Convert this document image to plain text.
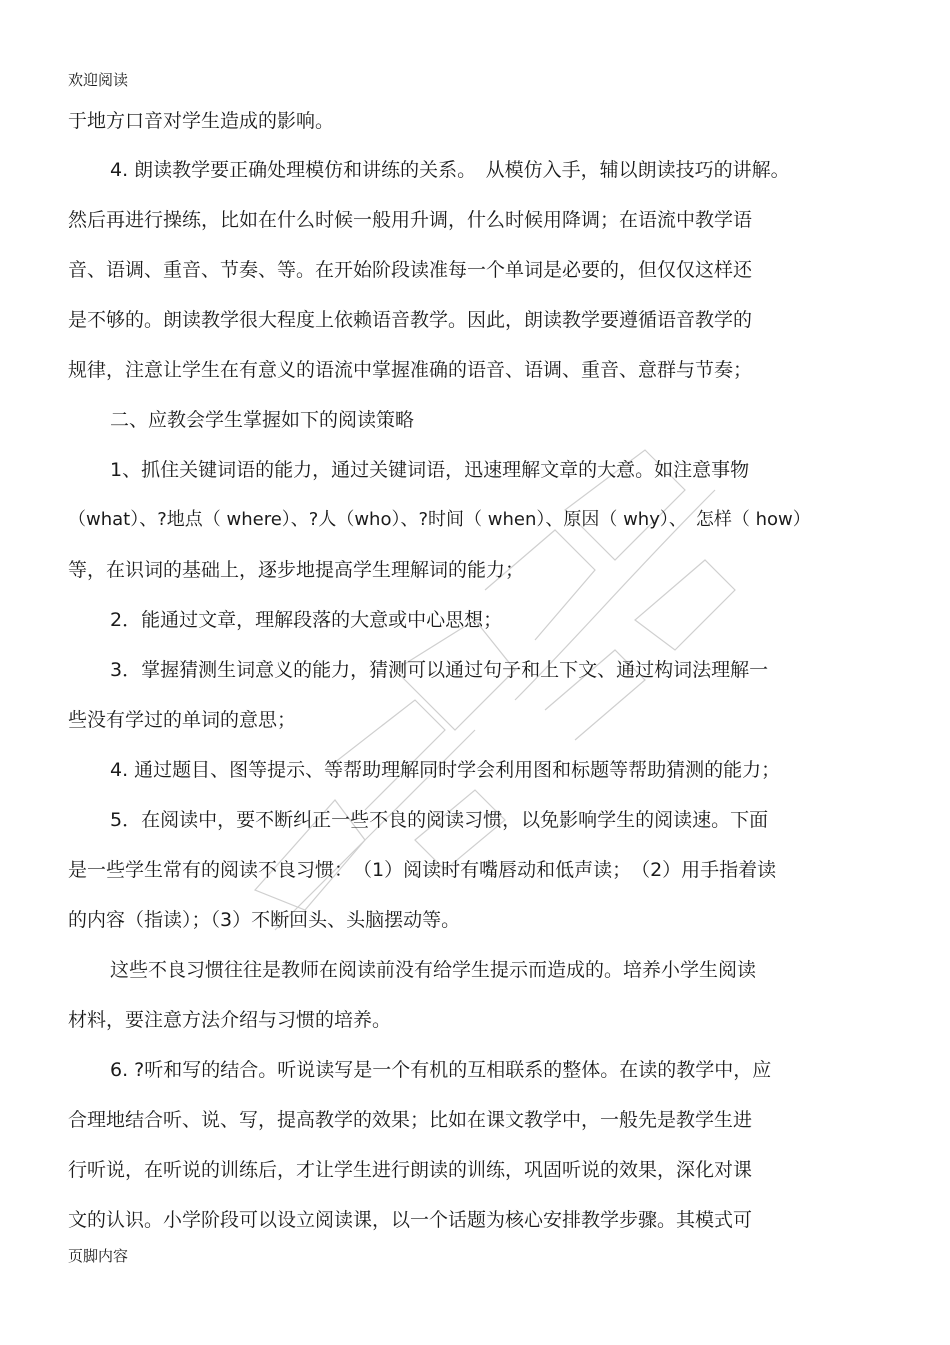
欢迎阅读
于地方口音对学生造成的影响。
4. 朗读教学要正确处理模仿和讲练的关系。　从模仿入手，辅以朗读技巧的讲解。
然后再进行操练，比如在什么时候一般用升调，什么时候用降调；在语流中教学语
音、语调、重音、节奏、等。在开始阶段读准每一个单词是必要的，但仅仅这样还
是不够的。朗读教学很大程度上依赖语音教学。因此，朗读教学要遵循语音教学的
规律，注意让学生在有意义的语流中掌握准确的语音、语调、重音、意群与节奏；
二、应教会学生掌握如下的阅读策略
1、抓住关键词语的能力，通过关键词语，迅速理解文章的大意。如注意事物
（what）、?地点（ where）、?人（who）、?时间（ when）、原因（ why）、　怎样（ how）
等，在识词的基础上，逐步地提高学生理解词的能力；
2．能通过文章，理解段落的大意或中心思想；
3．掌握猜测生词意义的能力，猜测可以通过句子和上下文、通过构词法理解一
些没有学过的单词的意思；
4. 通过题目、图等提示、等帮助理解同时学会利用图和标题等帮助猜测的能力；
5．在阅读中，要不断纠正一些不良的阅读习惯，以免影响学生的阅读速。下面
是一些学生常有的阅读不良习惯：　（1）阅读时有嘴唇动和低声读；　（2）用手指着读
的内容（指读）；（3）不断回头、头脑摆动等。
这些不良习惯往往是教师在阅读前没有给学生提示而造成的。培养小学生阅读
材料，要注意方法介绍与习惯的培养。
6. ?听和写的结合。听说读写是一个有机的互相联系的整体。在读的教学中，应
合理地结合听、说、写，提高教学的效果；比如在课文教学中，一般先是教学生进
行听说，在听说的训练后，才让学生进行朗读的训练，巩固听说的效果，深化对课
文的认识。小学阶段可以设立阅读课，以一个话题为核心安排教学步骤。其模式可
页脚内容
